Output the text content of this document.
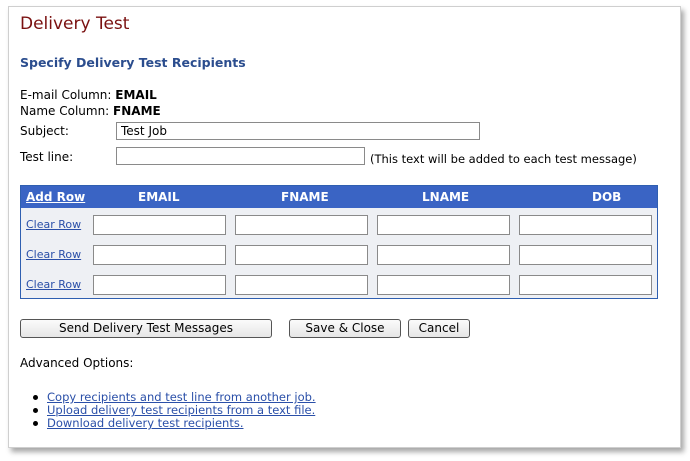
Delivery Test
Specify Delivery Test Recipients
E-mail Column: EMAIL
Name Column: FNAME
Subject:
Test Job
Test line:	(This text will be added to each test message)
Add Row	EMAIL	FNAME	LNAME	DOB
Clear Row
Clear Row
Clear Row
Send Delivery Test Messages	Save & Close	Cancel
Advanced Options:
Copy recipients and test line from another job.
Upload delivery test recipients from a text file.
Download delivery test recipients.
